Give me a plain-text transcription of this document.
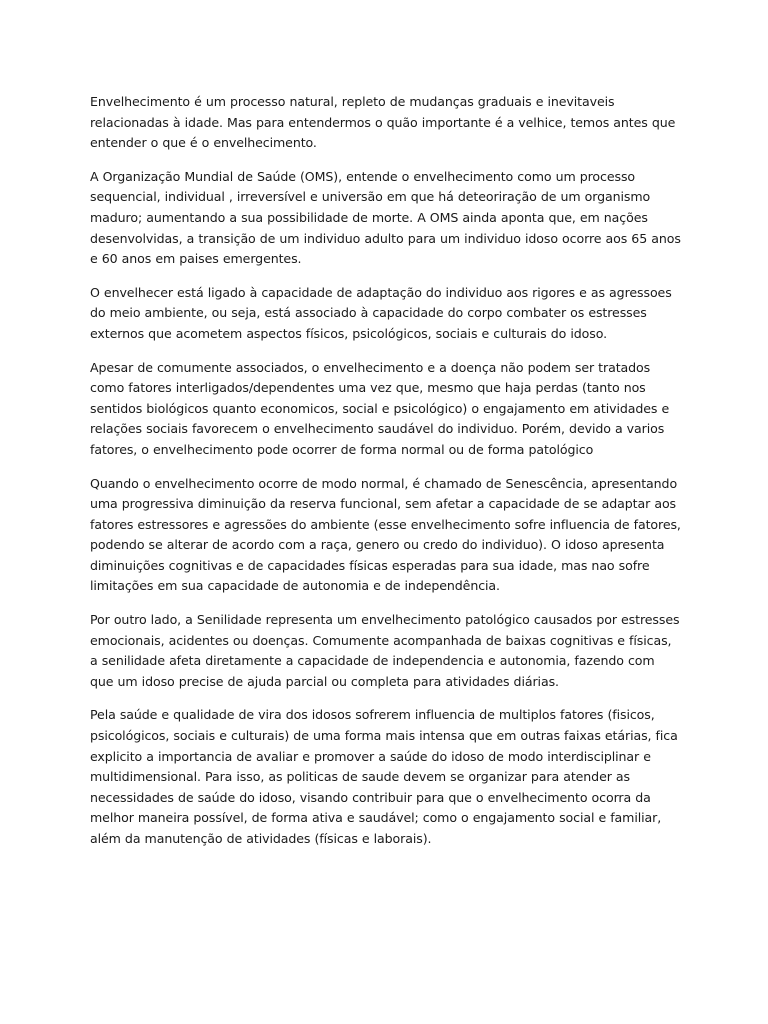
Envelhecimento é um processo natural, repleto de mudanças graduais e inevitaveis relacionadas à idade. Mas para entendermos o quão importante é a velhice, temos antes que entender o que é o envelhecimento.

A Organização Mundial de Saúde (OMS), entende o envelhecimento como um processo sequencial, individual , irreversível e universão em que há deteoriração de um organismo maduro; aumentando a sua possibilidade de morte. A OMS ainda aponta que, em nações desenvolvidas, a transição de um individuo adulto para um individuo idoso ocorre aos 65 anos e 60 anos em paises emergentes.

O envelhecer está ligado à capacidade de adaptação do individuo aos rigores e as agressoes do meio ambiente, ou seja, está associado à capacidade do corpo combater os estresses externos que acometem aspectos físicos, psicológicos, sociais e culturais do idoso.

Apesar de comumente associados, o envelhecimento e a doença não podem ser tratados como fatores interligados/dependentes uma vez que, mesmo que haja perdas (tanto nos sentidos biológicos quanto economicos, social e psicológico) o engajamento em atividades e relações sociais favorecem o envelhecimento saudável do individuo. Porém, devido a varios fatores, o envelhecimento pode ocorrer de forma normal ou de forma patológico

Quando o envelhecimento ocorre de modo normal, é chamado de Senescência, apresentando uma progressiva diminuição da reserva funcional, sem afetar a capacidade de se adaptar aos fatores estressores e agressões do ambiente (esse envelhecimento sofre influencia de fatores, podendo se alterar de acordo com a raça, genero ou credo do individuo). O idoso apresenta diminuições cognitivas e de capacidades físicas esperadas para sua idade, mas nao sofre limitações em sua capacidade de autonomia e de independência.

Por outro lado, a Senilidade representa um envelhecimento patológico causados por estresses emocionais, acidentes ou doenças. Comumente acompanhada de baixas cognitivas e físicas, a senilidade afeta diretamente a capacidade de independencia e autonomia, fazendo com que um idoso precise de ajuda parcial ou completa para atividades diárias.

Pela saúde e qualidade de vira dos idosos sofrerem influencia de multiplos fatores (fisicos, psicológicos, sociais e culturais) de uma forma mais intensa que em outras faixas etárias, fica explicito a importancia de avaliar e promover a saúde do idoso de modo interdisciplinar e multidimensional. Para isso, as politicas de saude devem se organizar para atender as necessidades de saúde do idoso, visando contribuir para que o envelhecimento ocorra da melhor maneira possível, de forma ativa e saudável; como o engajamento social e familiar, além da manutenção de atividades (físicas e laborais).
